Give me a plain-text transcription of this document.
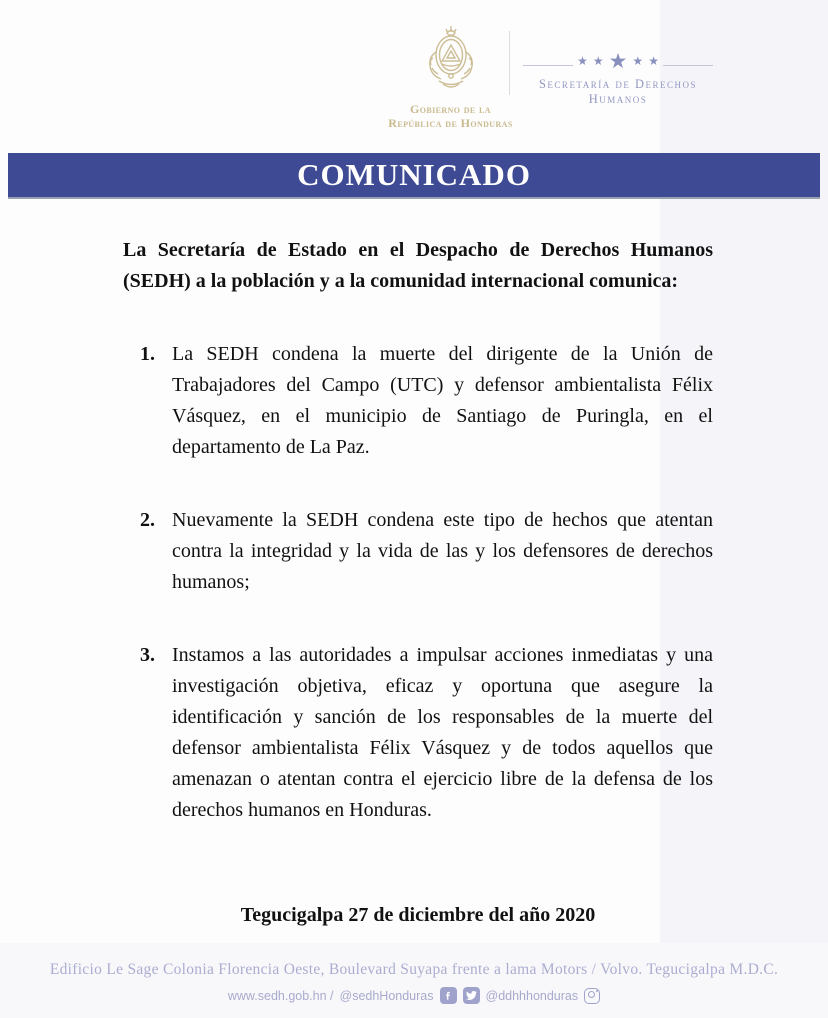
Gobierno de la
República de Honduras
★ ★ ★ ★ ★
Secretaría de Derechos Humanos
COMUNICADO

La Secretaría de Estado en el Despacho de Derechos Humanos (SEDH) a la población y a la comunidad internacional comunica:

1. La SEDH condena la muerte del dirigente de la Unión de Trabajadores del Campo (UTC) y defensor ambientalista Félix Vásquez, en el municipio de Santiago de Puringla, en el departamento de La Paz.
2. Nuevamente la SEDH condena este tipo de hechos que atentan contra la integridad y la vida de las y los defensores de derechos humanos;
3. Instamos a las autoridades a impulsar acciones inmediatas y una investigación objetiva, eficaz y oportuna que asegure la identificación y sanción de los responsables de la muerte del defensor ambientalista Félix Vásquez y de todos aquellos que amenazan o atentan contra el ejercicio libre de la defensa de los derechos humanos en Honduras.
Tegucigalpa 27 de diciembre del año 2020
Edificio Le Sage Colonia Florencia Oeste, Boulevard Suyapa frente a lama Motors / Volvo. Tegucigalpa M.D.C.
www.sedh.gob.hn / @sedhHonduras	@ddhhhonduras
